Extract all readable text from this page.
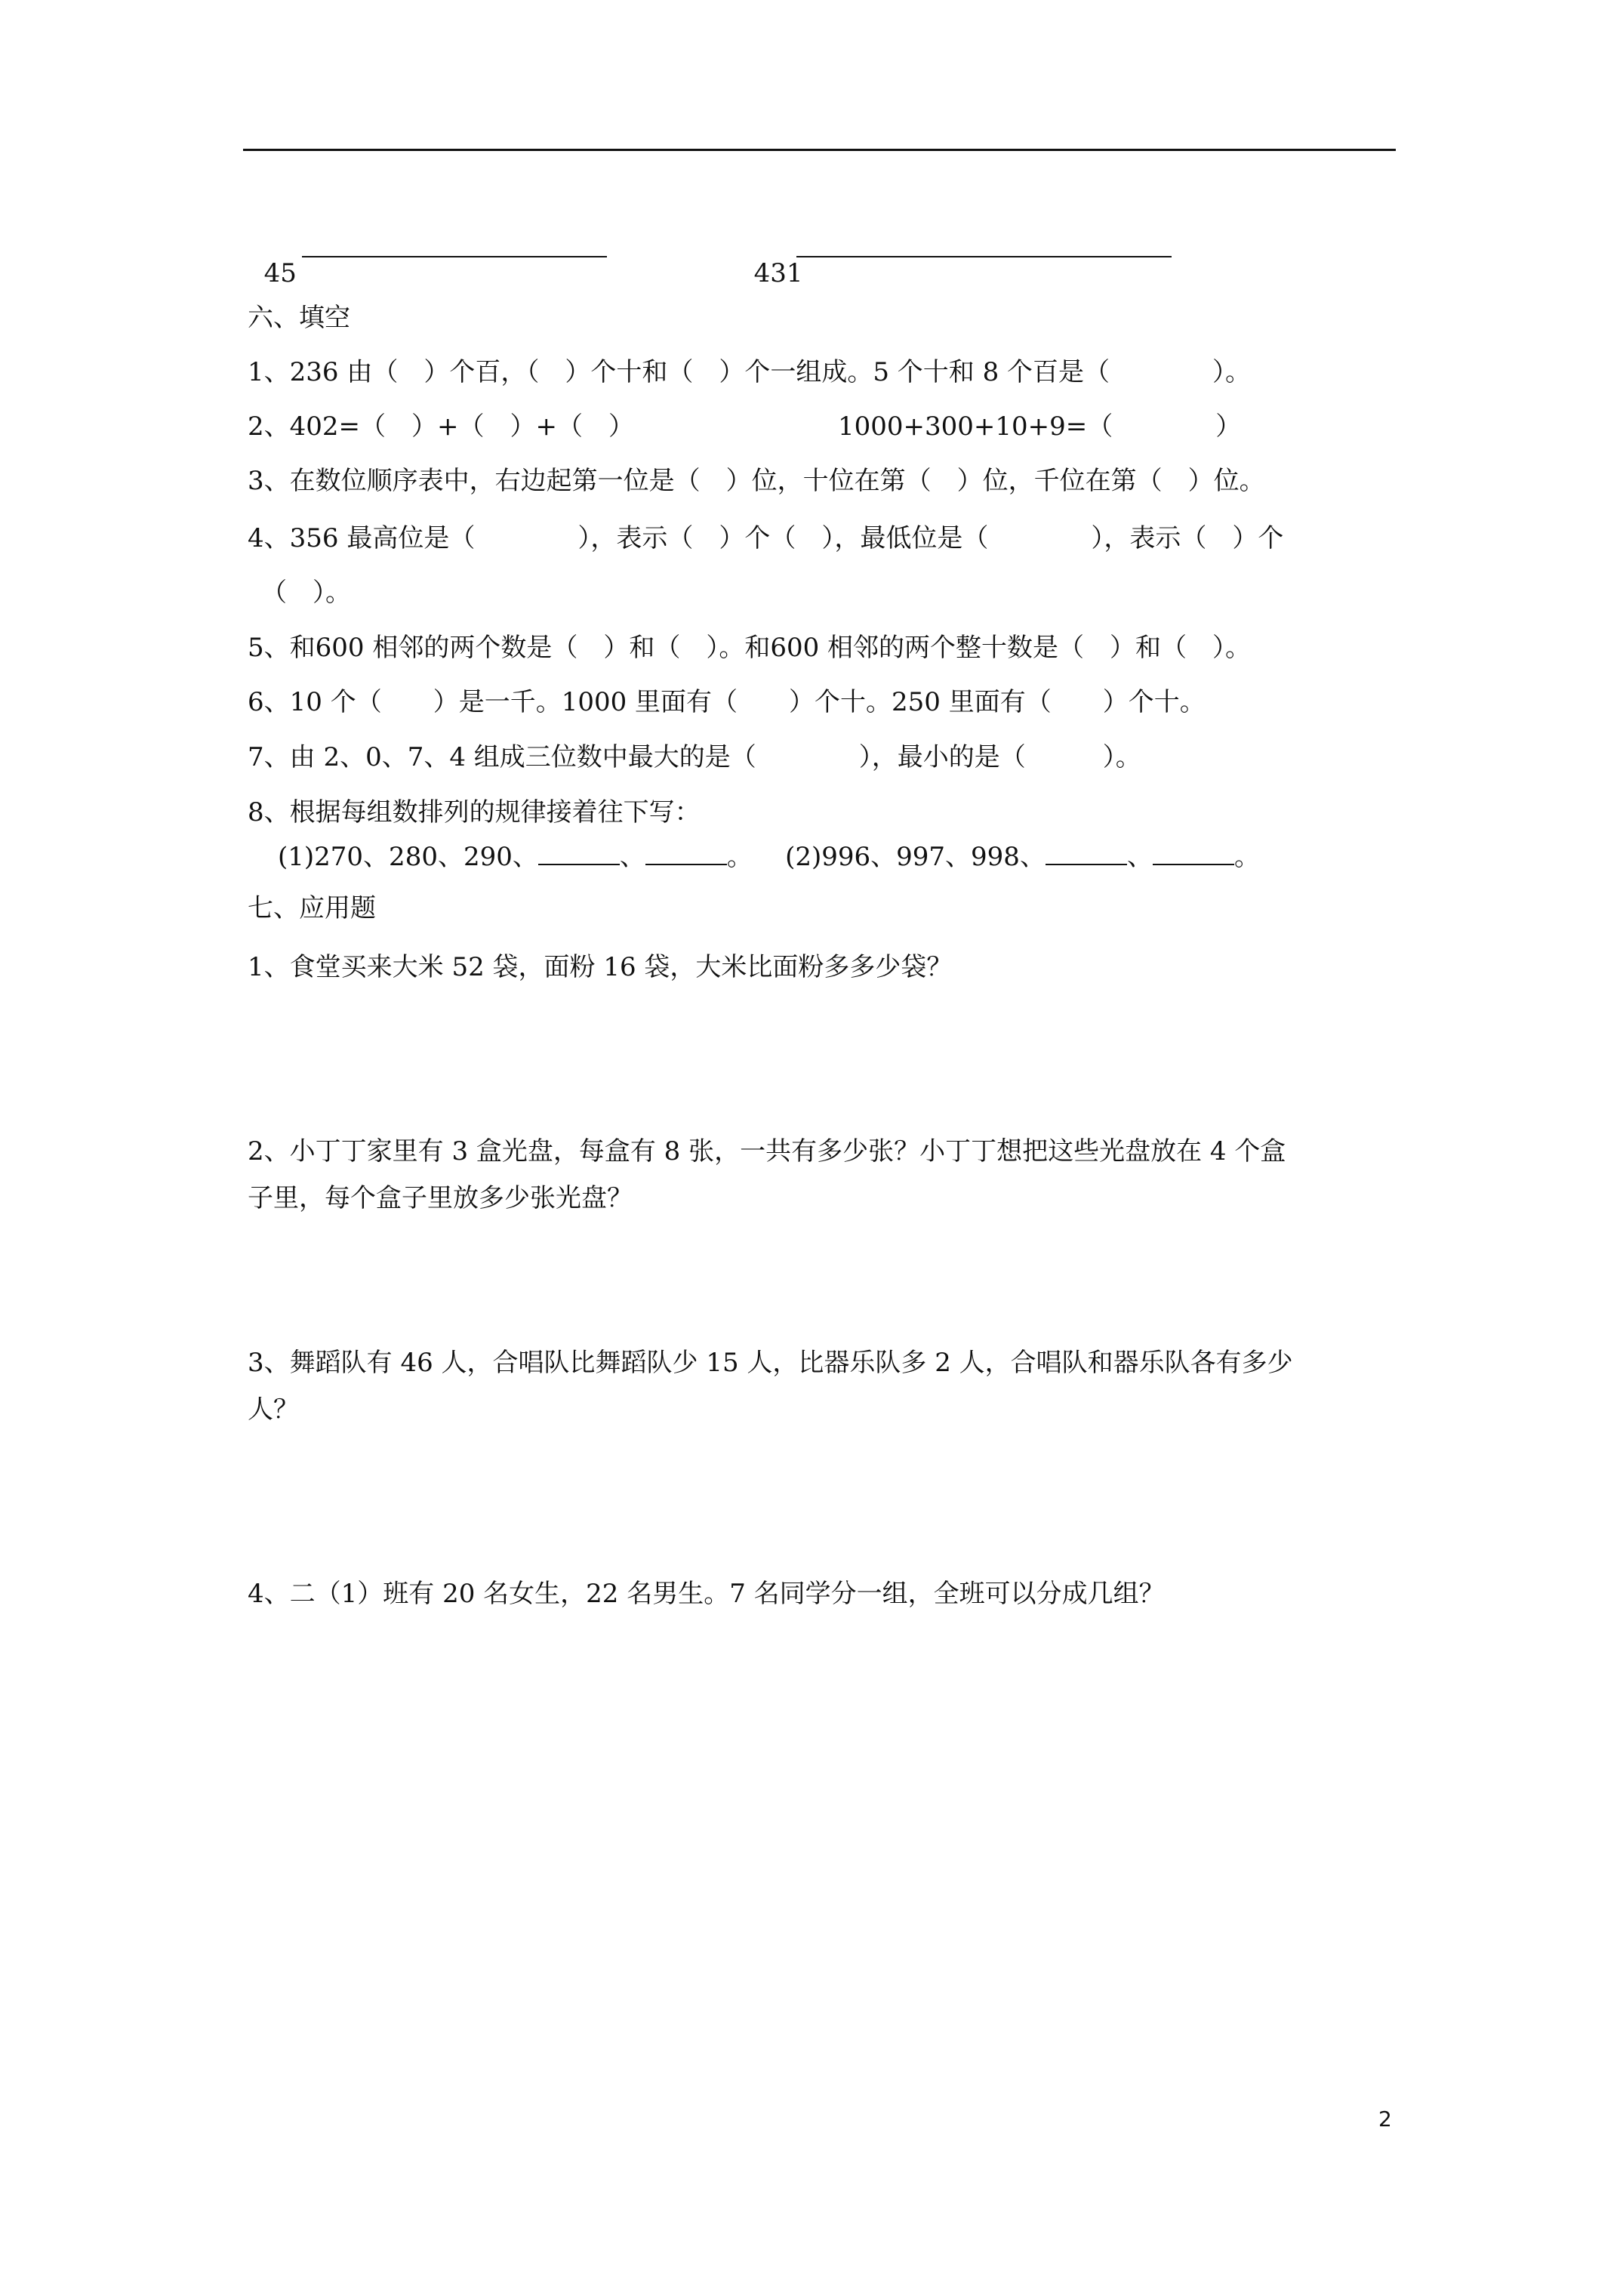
45	431

六、填空
1、236 由（　）个百，（　）个十和（　）个一组成。5 个十和 8 个百是（　　　　）。
2、402=（　）+（　）+（　）	1000+300+10+9=（　　　　）
3、在数位顺序表中，右边起第一位是（　）位，十位在第（　）位，千位在第（　）位。
4、356 最高位是（　　　　），表示（　）个（　），最低位是（　　　　），表示（　）个
（　）。
5、和600 相邻的两个数是（　）和（　）。和600 相邻的两个整十数是（　）和（　）。
6、10 个（　　）是一千。1000 里面有（　　）个十。250 里面有（　　）个十。
7、由 2、0、7、4 组成三位数中最大的是（　　　　），最小的是（　　　）。
8、根据每组数排列的规律接着往下写：
(1)270、280、290、	、	。 (2)996、997、998、	、	。
七、应用题
1、食堂买来大米 52 袋，面粉 16 袋，大米比面粉多多少袋？
2、小丁丁家里有 3 盒光盘，每盒有 8 张，一共有多少张？小丁丁想把这些光盘放在 4 个盒
子里，每个盒子里放多少张光盘？
3、舞蹈队有 46 人，合唱队比舞蹈队少 15 人，比器乐队多 2 人，合唱队和器乐队各有多少
人？
4、二（1）班有 20 名女生，22 名男生。7 名同学分一组，全班可以分成几组？
2
